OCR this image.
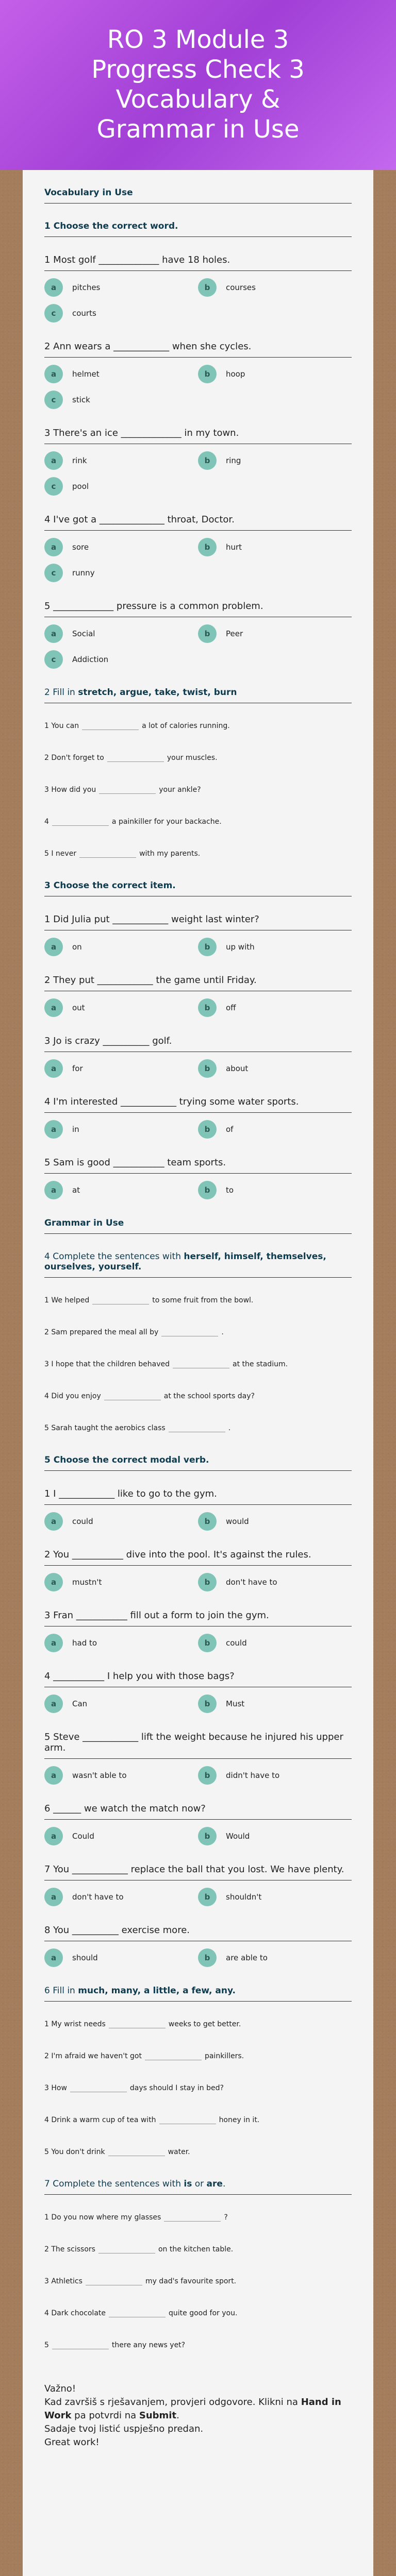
RO 3 Module 3 Progress Check 3 Vocabulary & Grammar in Use
Vocabulary in Use
1 Choose the correct word.
1 Most golf _____________ have 18 holes.
a	pitches	b	courses
c	courts
2 Ann wears a ____________ when she cycles.
a	helmet	b	hoop
c	stick
3 There's an ice _____________ in my town.
a	rink	b	ring
c	pool
4 I've got a ______________ throat, Doctor.
a	sore	b	hurt
c	runny
5 _____________ pressure is a common problem.
a	Social	b	Peer
c	Addiction
2 Fill in stretch, argue, take, twist, burn
1 You can	a lot of calories running.
2 Don't forget to	your muscles.
3 How did you	your ankle?
4	a painkiller for your backache.
5 I never	with my parents.
3 Choose the correct item.
1 Did Julia put ____________ weight last winter?
a	on	b	up with
2 They put ____________ the game until Friday.
a	out	b	off
3 Jo is crazy __________ golf.
a	for	b	about
4 I'm interested ____________ trying some water sports.
a	in	b	of
5 Sam is good ___________ team sports.
a	at	b	to
Grammar in Use
4 Complete the sentences with herself, himself, themselves, ourselves, yourself.
1 We helped	to some fruit from the bowl.
2 Sam prepared the meal all by	.
3 I hope that the children behaved	at the stadium.
4 Did you enjoy	at the school sports day?
5 Sarah taught the aerobics class	.
5 Choose the correct modal verb.
1 I ____________ like to go to the gym.
a	could	b	would
2 You ___________ dive into the pool. It's against the rules.
a	mustn't	b	don't have to
3 Fran ___________ fill out a form to join the gym.
a	had to	b	could
4 ___________ I help you with those bags?
a	Can	b	Must
5 Steve ____________ lift the weight because he injured his upper arm.
a	wasn't able to	b	didn't have to
6 ______ we watch the match now?
a	Could	b	Would
7 You ____________ replace the ball that you lost. We have plenty.
a	don't have to	b	shouldn't
8 You __________ exercise more.
a	should	b	are able to
6 Fill in much, many, a little, a few, any.
1 My wrist needs	weeks to get better.
2 I'm afraid we haven't got	painkillers.
3 How	days should I stay in bed?
4 Drink a warm cup of tea with	honey in it.
5 You don't drink	water.
7 Complete the sentences with is or are.
1 Do you now where my glasses	?
2 The scissors	on the kitchen table.
3 Athletics	my dad's favourite sport.
4 Dark chocolate	quite good for you.
5	there any news yet?
Važno!
Kad završiš s rješavanjem, provjeri odgovore. Klikni na Hand in Work pa potvrdi na Submit.
Sadaje tvoj listić uspješno predan.
Great work!
